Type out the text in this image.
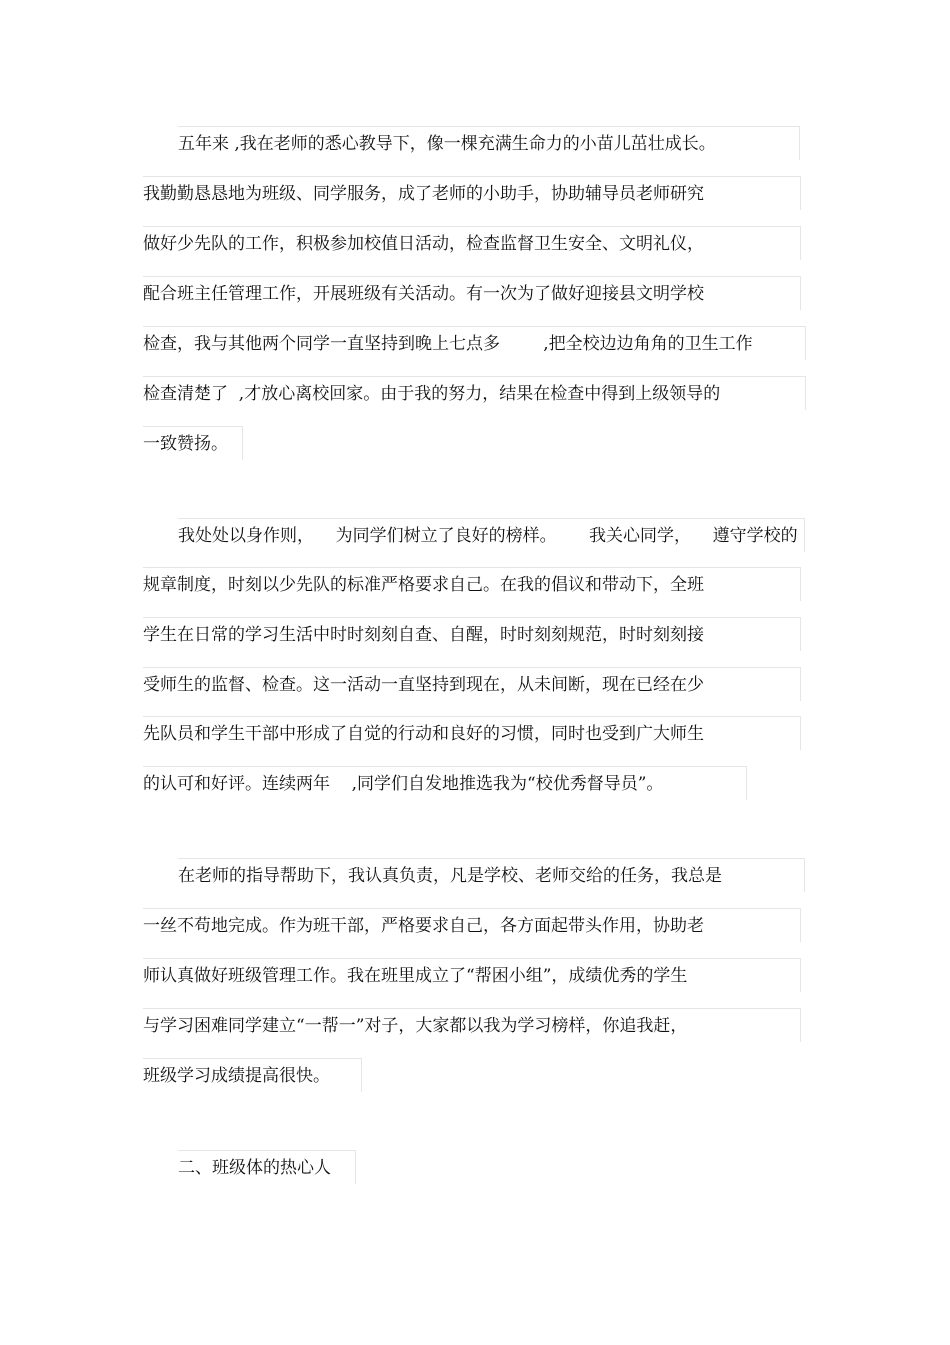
五年来 ,我在老师的悉心教导下，像一棵充满生命力的小苗儿茁壮成长。
我勤勤恳恳地为班级、同学服务，成了老师的小助手，协助辅导员老师研究
做好少先队的工作，积极参加校值日活动，检查监督卫生安全、文明礼仪，
配合班主任管理工作，开展班级有关活动。有一次为了做好迎接县文明学校
检查，我与其他两个同学一直坚持到晚上七点多        ,把全校边边角角的卫生工作
检查清楚了  ,才放心离校回家。由于我的努力，结果在检查中得到上级领导的
一致赞扬。
我处处以身作则，    为同学们树立了良好的榜样。      我关心同学，    遵守学校的
规章制度，时刻以少先队的标准严格要求自己。在我的倡议和带动下，全班
学生在日常的学习生活中时时刻刻自查、自醒，时时刻刻规范，时时刻刻接
受师生的监督、检查。这一活动一直坚持到现在，从未间断，现在已经在少
先队员和学生干部中形成了自觉的行动和良好的习惯，同时也受到广大师生
的认可和好评。连续两年    ,同学们自发地推选我为“校优秀督导员”。
在老师的指导帮助下，我认真负责，凡是学校、老师交给的任务，我总是
一丝不苟地完成。作为班干部，严格要求自己，各方面起带头作用，协助老
师认真做好班级管理工作。我在班里成立了“帮困小组”，成绩优秀的学生
与学习困难同学建立“一帮一”对子，大家都以我为学习榜样，你追我赶，
班级学习成绩提高很快。
二、班级体的热心人
